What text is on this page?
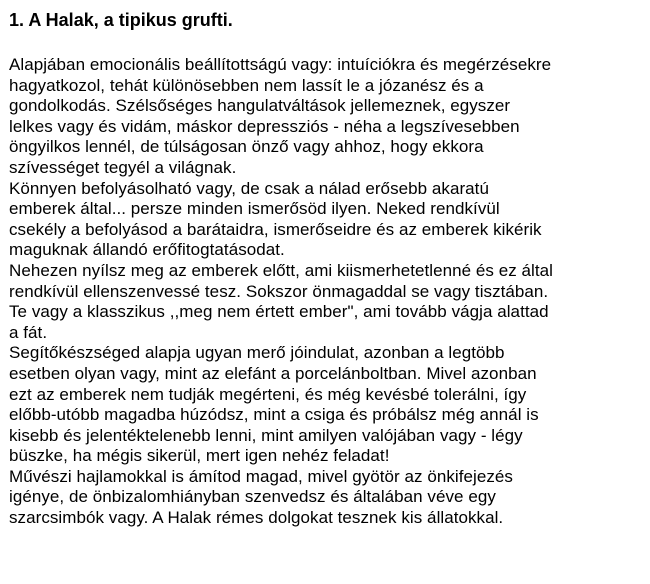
1. A Halak, a tipikus grufti.
Alapjában emocionális beállítottságú vagy: intuíciókra és megérzésekre
hagyatkozol, tehát különösebben nem lassít le a józanész és a
gondolkodás. Szélsőséges hangulatváltások jellemeznek, egyszer
lelkes vagy és vidám, máskor depressziós - néha a legszívesebben
öngyilkos lennél, de túlságosan önző vagy ahhoz, hogy ekkora
szívességet tegyél a világnak.
Könnyen befolyásolható vagy, de csak a nálad erősebb akaratú
emberek által... persze minden ismerősöd ilyen. Neked rendkívül
csekély a befolyásod a barátaidra, ismerőseidre és az emberek kikérik
maguknak állandó erőfitogtatásodat.
Nehezen nyílsz meg az emberek előtt, ami kiismerhetetlenné és ez által
rendkívül ellenszenvessé tesz. Sokszor önmagaddal se vagy tisztában.
Te vagy a klasszikus ,,meg nem értett ember", ami tovább vágja alattad
a fát.
Segítőkészséged alapja ugyan merő jóindulat, azonban a legtöbb
esetben olyan vagy, mint az elefánt a porcelánboltban. Mivel azonban
ezt az emberek nem tudják megérteni, és még kevésbé tolerálni, így
előbb-utóbb magadba húzódsz, mint a csiga és próbálsz még annál is
kisebb és jelentéktelenebb lenni, mint amilyen valójában vagy - légy
büszke, ha mégis sikerül, mert igen nehéz feladat!
Művészi hajlamokkal is ámítod magad, mivel gyötör az önkifejezés
igénye, de önbizalomhiányban szenvedsz és általában véve egy
szarcsimbók vagy. A Halak rémes dolgokat tesznek kis állatokkal.
